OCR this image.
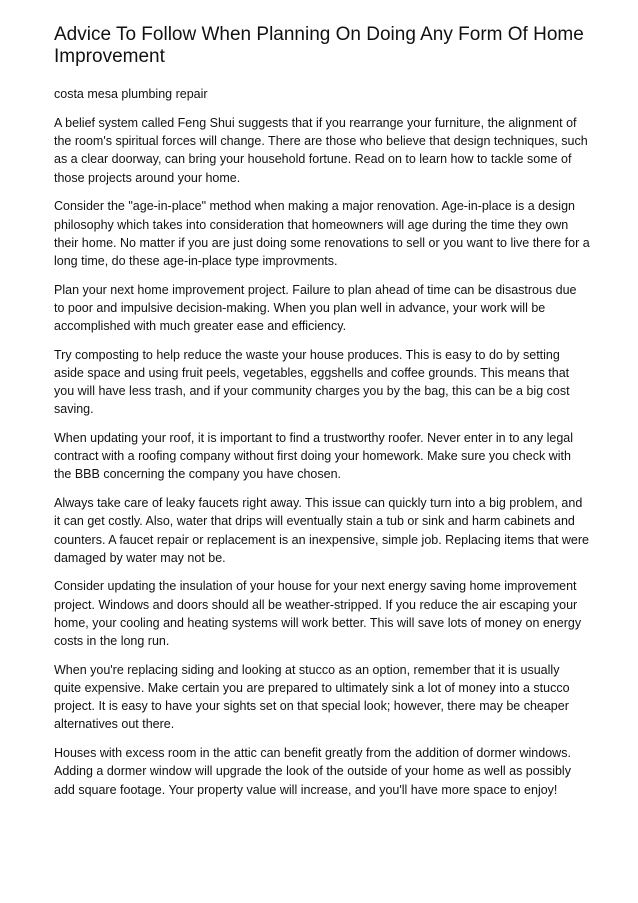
Advice To Follow When Planning On Doing Any Form Of Home Improvement

costa mesa plumbing repair

A belief system called Feng Shui suggests that if you rearrange your furniture, the alignment of the room's spiritual forces will change. There are those who believe that design techniques, such as a clear doorway, can bring your household fortune. Read on to learn how to tackle some of those projects around your home.

Consider the "age-in-place" method when making a major renovation. Age-in-place is a design philosophy which takes into consideration that homeowners will age during the time they own their home. No matter if you are just doing some renovations to sell or you want to live there for a long time, do these age-in-place type improvments.

Plan your next home improvement project. Failure to plan ahead of time can be disastrous due to poor and impulsive decision-making. When you plan well in advance, your work will be accomplished with much greater ease and efficiency.

Try composting to help reduce the waste your house produces. This is easy to do by setting aside space and using fruit peels, vegetables, eggshells and coffee grounds. This means that you will have less trash, and if your community charges you by the bag, this can be a big cost saving.

When updating your roof, it is important to find a trustworthy roofer. Never enter in to any legal contract with a roofing company without first doing your homework. Make sure you check with the BBB concerning the company you have chosen.

Always take care of leaky faucets right away. This issue can quickly turn into a big problem, and it can get costly. Also, water that drips will eventually stain a tub or sink and harm cabinets and counters. A faucet repair or replacement is an inexpensive, simple job. Replacing items that were damaged by water may not be.

Consider updating the insulation of your house for your next energy saving home improvement project. Windows and doors should all be weather-stripped. If you reduce the air escaping your home, your cooling and heating systems will work better. This will save lots of money on energy costs in the long run.

When you're replacing siding and looking at stucco as an option, remember that it is usually quite expensive. Make certain you are prepared to ultimately sink a lot of money into a stucco project. It is easy to have your sights set on that special look; however, there may be cheaper alternatives out there.

Houses with excess room in the attic can benefit greatly from the addition of dormer windows. Adding a dormer window will upgrade the look of the outside of your home as well as possibly add square footage. Your property value will increase, and you'll have more space to enjoy!
